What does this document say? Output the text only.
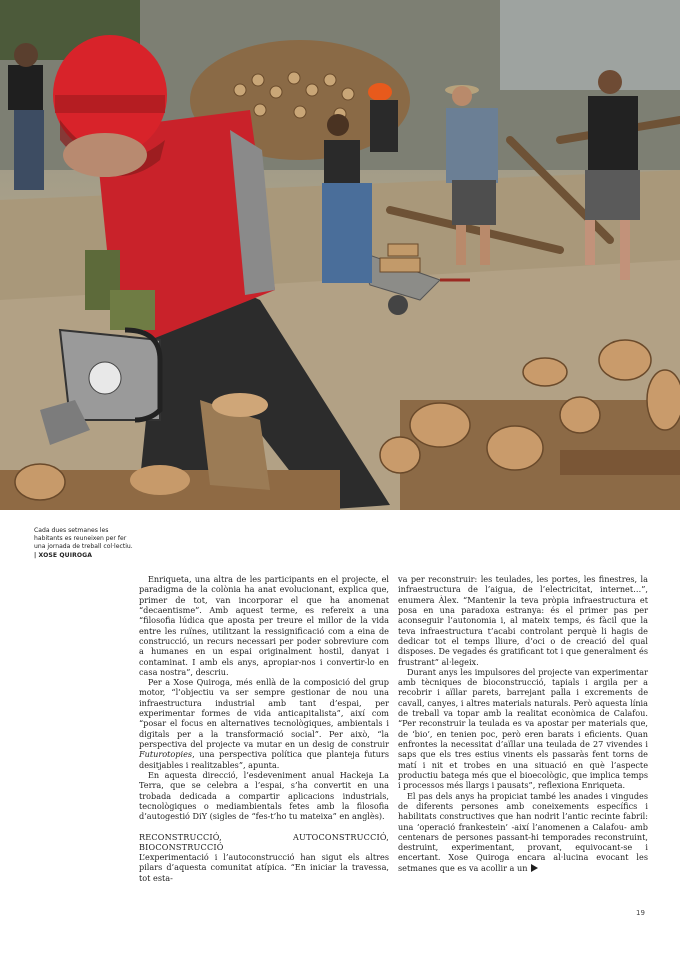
Cada dues setmanes les habitants es reuneixen per fer una jornada de treball col·lectiu. | XOSE QUIROGA

Enriqueta, una altra de les participants en el projecte, el paradigma de la colònia ha anat evolucionant, explica que, primer de tot, van incorporar el que ha anomenat “decaentisme”. Amb aquest terme, es refereix a una “filosofia lúdica que aposta per treure el millor de la vida entre les ruïnes, utilitzant la ressignificació com a eina de construcció, un recurs necessari per poder sobreviure com a humanes en un espai originalment hostil, danyat i contaminat. I amb els anys, apropiar-nos i convertir-lo en casa nostra”, descriu.

Per a Xose Quiroga, més enllà de la composició del grup motor, “l’objectiu va ser sempre gestionar de nou una infraestructura industrial amb tant d’espai, per experimentar formes de vida anticapitalista”, així com “posar el focus en alternatives tecnològiques, ambientals i digitals per a la transformació social”. Per això, “la perspectiva del projecte va mutar en un desig de construir Futurotopies, una perspectiva política que planteja futurs desitjables i realitzables”, apunta.

En aquesta direcció, l’esdeveniment anual Hackeja La Terra, que se celebra a l’espai, s’ha convertit en una trobada dedicada a compartir aplicacions industrials, tecnològiques o mediambientals fetes amb la filosofia d’autogestió DiY (sigles de “fes-t’ho tu mateixa” en anglès).

RECONSTRUCCIÓ, AUTOCONSTRUCCIÓ, BIOCONSTRUCCIÓ

L’experimentació i l’autoconstrucció han sigut els altres pilars d’aquesta comunitat atípica. “En iniciar la travessa, tot esta-

va per reconstruir: les teulades, les portes, les finestres, la infraestructura de l’aigua, de l’electricitat, internet…”, enumera Àlex. “Mantenir la teva pròpia infraestructura et posa en una paradoxa estranya: és el primer pas per aconseguir l’autonomia i, al mateix temps, és fàcil que la teva infraestructura t’acabi controlant perquè li hagis de dedicar tot el temps lliure, d’oci o de creació del qual disposes. De vegades és gratificant tot i que generalment és frustrant” al·legeix.

Durant anys les impulsores del projecte van experimentar amb tècniques de bioconstrucció, tapials i argila per a recobrir i aïllar parets, barrejant palla i excrements de cavall, canyes, i altres materials naturals. Però aquesta línia de treball va topar amb la realitat econòmica de Calafou. “Per reconstruir la teulada es va apostar per materials que, de ‘bio’, en tenien poc, però eren barats i eficients. Quan enfrontes la necessitat d’aïllar una teulada de 27 vivendes i saps que els tres estius vinents els passaràs fent torns de matí i nit et trobes en una situació en què l’aspecte productiu batega més que el bioecològic, que implica temps i processos més llargs i pausats”, reflexiona Enriqueta.

El pas dels anys ha propiciat també les anades i vingudes de diferents persones amb coneixements específics i habilitats constructives que han nodrit l’antic recinte fabril: una ‘operació frankestein’ -així l’anomenen a Calafou- amb centenars de persones passant-hi temporades reconstruint, destruint, experimentant, provant, equivocant-se i encertant. Xose Quiroga encara al·lucina evocant les setmanes que es va acollir a un

19
